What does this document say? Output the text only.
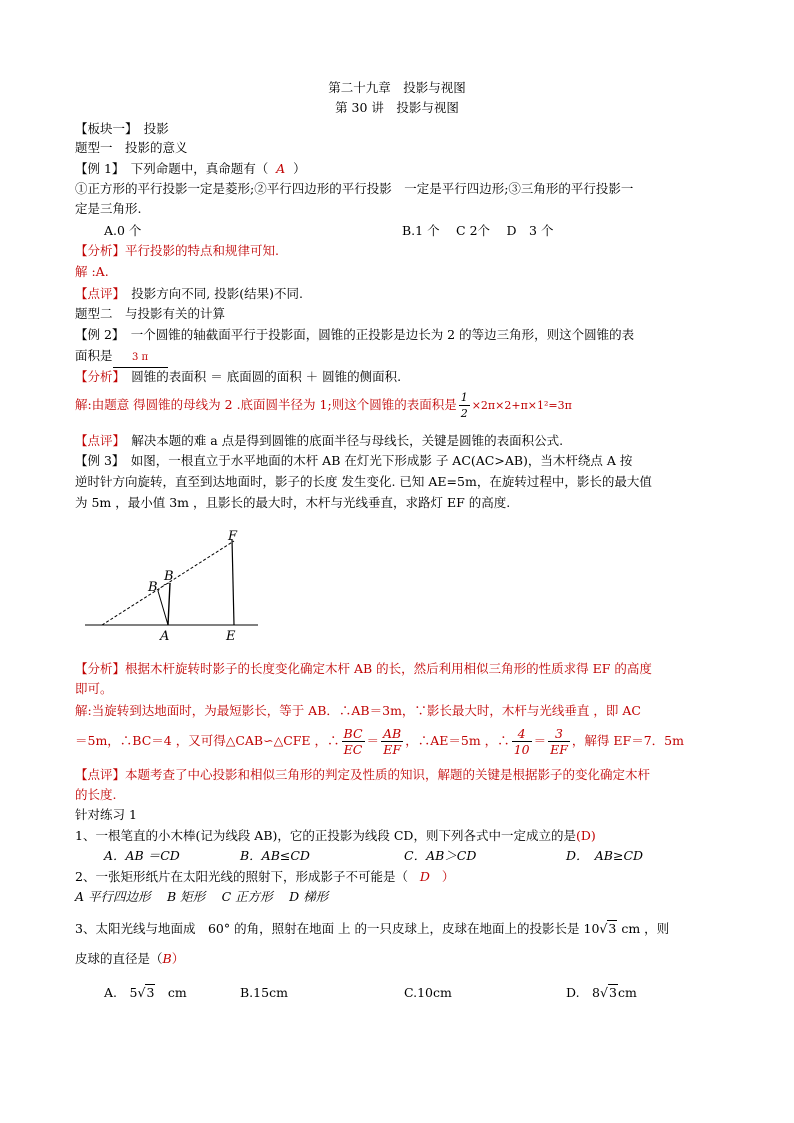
第二十九章　投影与视图
第 30 讲　投影与视图
【板块一】　投影
题型一　投影的意义
【例 1】　下列命题中，真命题有（ A ）
①正方形的平行投影一定是菱形;②平行四边形的平行投影　一定是平行四边形;③三角形的平行投影一
定是三角形.
A.0 个	B.1 个　 C 2个　 D　3 个
【分析】平行投影的特点和规律可知.
解 :A.
【点评】　投影方向不同, 投影(结果)不同.
题型二　与投影有关的计算
【例 2】　一个圆锥的轴截面平行于投影面，圆锥的正投影是边长为 2 的等边三角形，则这个圆锥的表
面积是 3 π
【分析】　圆锥的表面积 ＝ 底面圆的面积 ＋ 圆锥的侧面积.
解:由题意 得圆锥的母线为 2 .底面圆半径为 1;则这个圆锥的表面积是 $\frac{1}{2} \times 2\pi\times 2+\pi\times 1^2=3\pi$
【点评】　解决本题的难 a 点是得到圆锥的底面半径与母线长，关键是圆锥的表面积公式.
【例 3】　如图，一根直立于水平地面的木杆 AB 在灯光下形成影 子 AC(AC>AB)，当木杆绕点 A 按
逆时针方向旋转，直至到达地面时，影子的长度 发生变化. 已知 AE=5m，在旋转过程中，影长的最大值
为 5m ，最小值 3m ，且影长的最大时，木杆与光线垂直，求路灯 EF 的高度.
B
B
F
A	E
【分析】根据木杆旋转时影子的长度变化确定木杆 AB 的长，然后利用相似三角形的性质求得 EF 的高度
即可。
解:当旋转到达地面时，为最短影长，等于 AB．∴AB＝3m，∵影长最大时，木杆与光线垂直 ，即 AC
＝5m，∴BC＝4 ，又可得△CAB∽△CFE ，∴ $\frac{BC}{EC} = \frac{AB}{EF}$ ，∴AE＝5m ，∴ $\frac{4}{10} = \frac{3}{EF}$ ，解得 EF＝7．5m
【点评】本题考查了中心投影和相似三角形的判定及性质的知识，解题的关键是根据影子的变化确定木杆
的长度.
针对练习 1
1、一根笔直的小木棒(记为线段 AB)，它的正投影为线段 CD，则下列各式中一定成立的是(D)
A．AB ＝CD	B．AB≤CD	C．AB＞CD	D．　AB≥CD
2、一张矩形纸片在太阳光线的照射下，形成影子不可能是（ D ）
A 平行四边形　 B 矩形　 C 正方形　 D 梯形
3、太阳光线与地面成　60° 的角，照射在地面 上 的一只皮球上，皮球在地面上的投影长是 10√3 cm ，则
皮球的直径是（B）
A.　5√3　cm	B.15cm	C.10cm	D.　8√3cm
